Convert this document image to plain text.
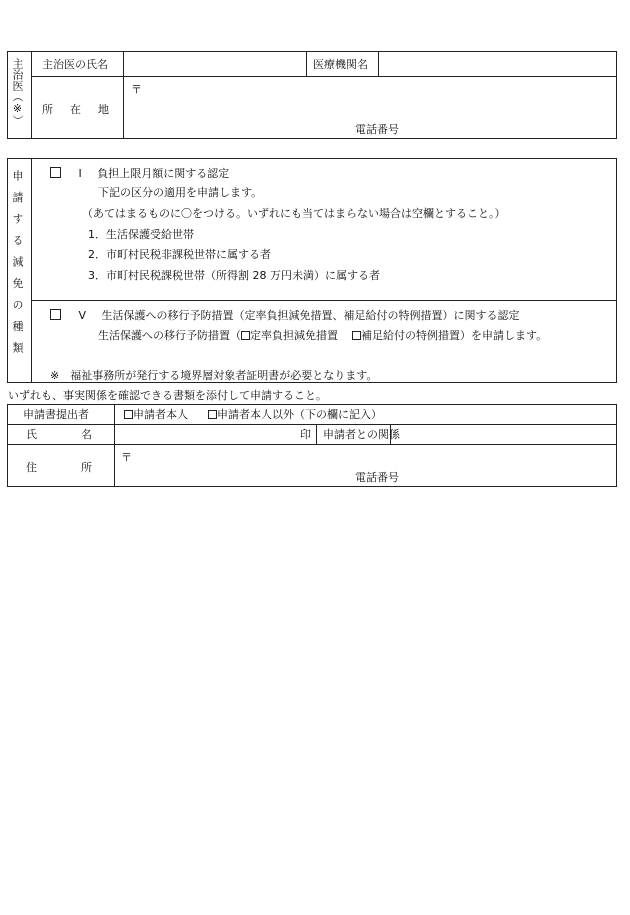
主治医（※） 主治医の氏名	医療機関名
所　在　地
〒
電話番号
申請する減免の種類	Ⅰ 負担上限月額に関する認定
下記の区分の適用を申請します。
（あてはまるものに〇をつける。いずれにも当てはまらない場合は空欄とすること。）
1．生活保護受給世帯
2．市町村民税非課税世帯に属する者
3．市町村民税課税世帯（所得割 28 万円未満）に属する者
Ⅴ 生活保護への移行予防措置（定率負担減免措置、補足給付の特例措置）に関する認定
生活保護への移行予防措置（ 定率負担減免措置 補足給付の特例措置）を申請します。
※　福祉事務所が発行する境界層対象者証明書が必要となります。
いずれも、事実関係を確認できる書類を添付して申請すること。
申請書提出者	申請者本人	申請者本人以外（下の欄に記入）
氏　　　　名	印 申請者との関係
住　　　　所
〒
電話番号
